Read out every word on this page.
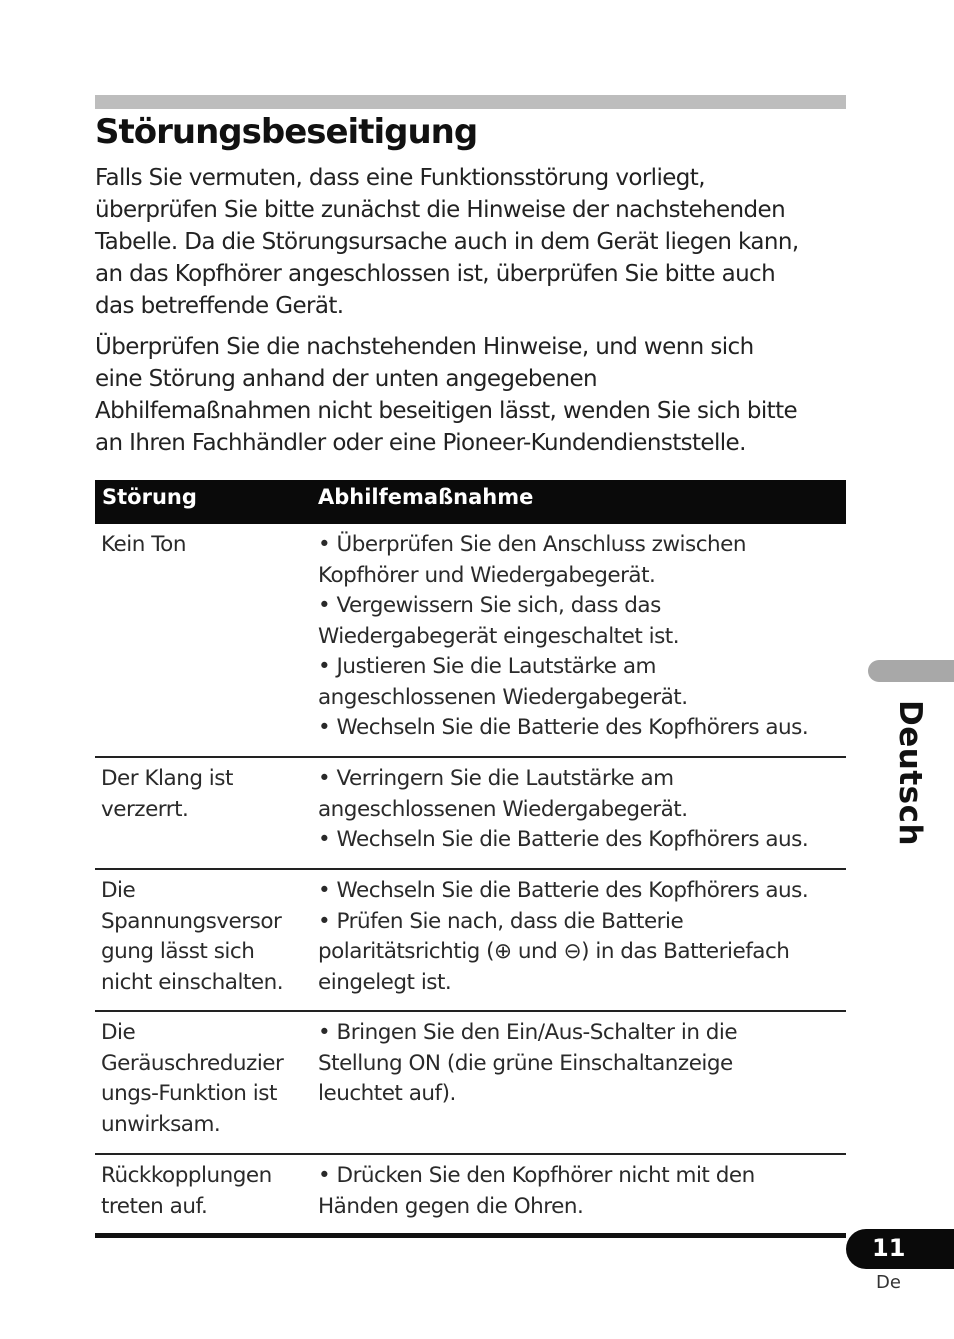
Störungsbeseitigung

Falls Sie vermuten, dass eine Funktionsstörung vorliegt,
überprüfen Sie bitte zunächst die Hinweise der nachstehenden
Tabelle. Da die Störungsursache auch in dem Gerät liegen kann,
an das Kopfhörer angeschlossen ist, überprüfen Sie bitte auch
das betreffende Gerät.

Überprüfen Sie die nachstehenden Hinweise, und wenn sich
eine Störung anhand der unten angegebenen
Abhilfemaßnahmen nicht beseitigen lässt, wenden Sie sich bitte
an Ihren Fachhändler oder eine Pioneer-Kundendienststelle.

Störung	Abhilfemaßnahme
Kein Ton	• Überprüfen Sie den Anschluss zwischen
Kopfhörer und Wiedergabegerät.
• Vergewissern Sie sich, dass das
Wiedergabegerät eingeschaltet ist.
• Justieren Sie die Lautstärke am
angeschlossenen Wiedergabegerät.
• Wechseln Sie die Batterie des Kopfhörers aus.
Der Klang ist
verzerrt.
• Verringern Sie die Lautstärke am
angeschlossenen Wiedergabegerät.
• Wechseln Sie die Batterie des Kopfhörers aus.
Die
Spannungsversor
gung lässt sich
nicht einschalten.
• Wechseln Sie die Batterie des Kopfhörers aus.
• Prüfen Sie nach, dass die Batterie
polaritätsrichtig (⊕ und ⊖) in das Batteriefach
eingelegt ist.
Die
Geräuschreduzier
ungs-Funktion ist
unwirksam.
• Bringen Sie den Ein/Aus-Schalter in die
Stellung ON (die grüne Einschaltanzeige
leuchtet auf).
Rückkopplungen
treten auf.
• Drücken Sie den Kopfhörer nicht mit den
Händen gegen die Ohren.
Deutsch
11
De
